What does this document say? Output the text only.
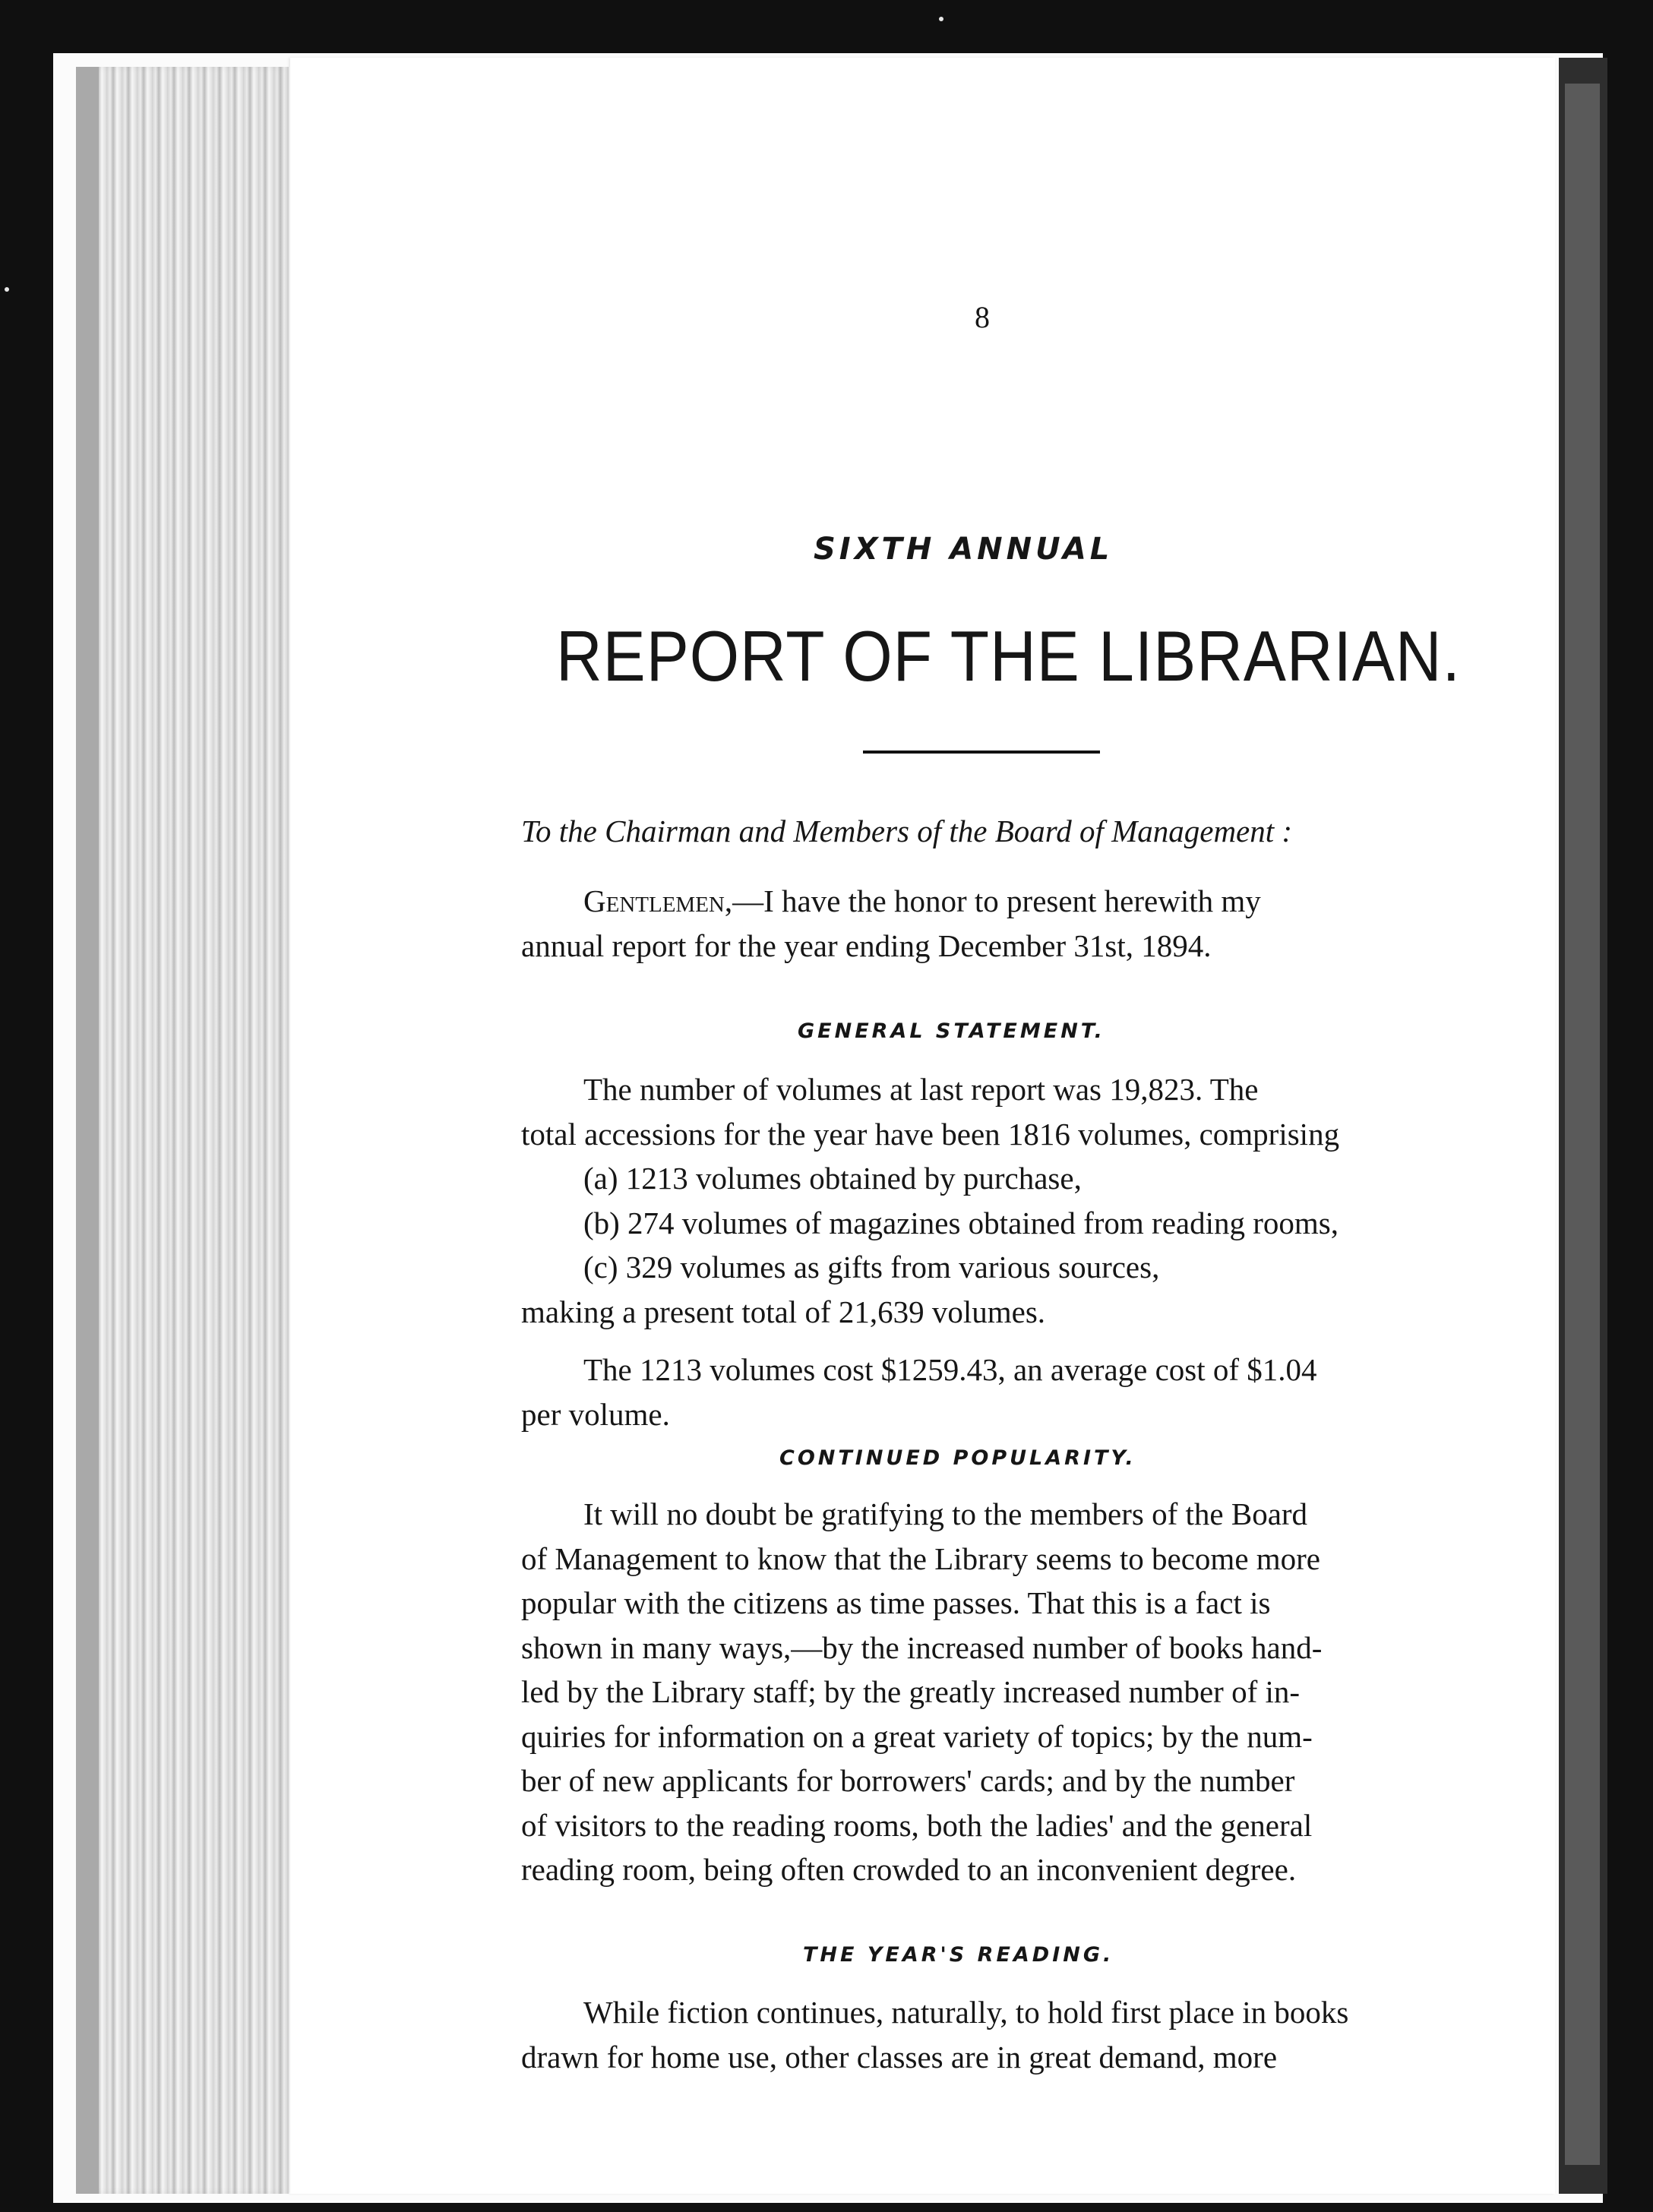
8
SIXTH ANNUAL
REPORT OF THE LIBRARIAN.
To the Chairman and Members of the Board of Management :

Gentlemen,—I have the honor to present herewith my

annual report for the year ending December 31st, 1894.

GENERAL STATEMENT.

The number of volumes at last report was 19,823. The

total accessions for the year have been 1816 volumes, comprising

(a) 1213 volumes obtained by purchase,

(b) 274 volumes of magazines obtained from reading rooms,

(c) 329 volumes as gifts from various sources,

making a present total of 21,639 volumes.

The 1213 volumes cost $1259.43, an average cost of $1.04

per volume.

CONTINUED POPULARITY.

It will no doubt be gratifying to the members of the Board

of Management to know that the Library seems to become more

popular with the citizens as time passes. That this is a fact is

shown in many ways,—by the increased number of books hand-

led by the Library staff; by the greatly increased number of in-

quiries for information on a great variety of topics; by the num-

ber of new applicants for borrowers' cards; and by the number

of visitors to the reading rooms, both the ladies' and the general

reading room, being often crowded to an inconvenient degree.

THE YEAR'S READING.

While fiction continues, naturally, to hold first place in books

drawn for home use, other classes are in great demand, more
